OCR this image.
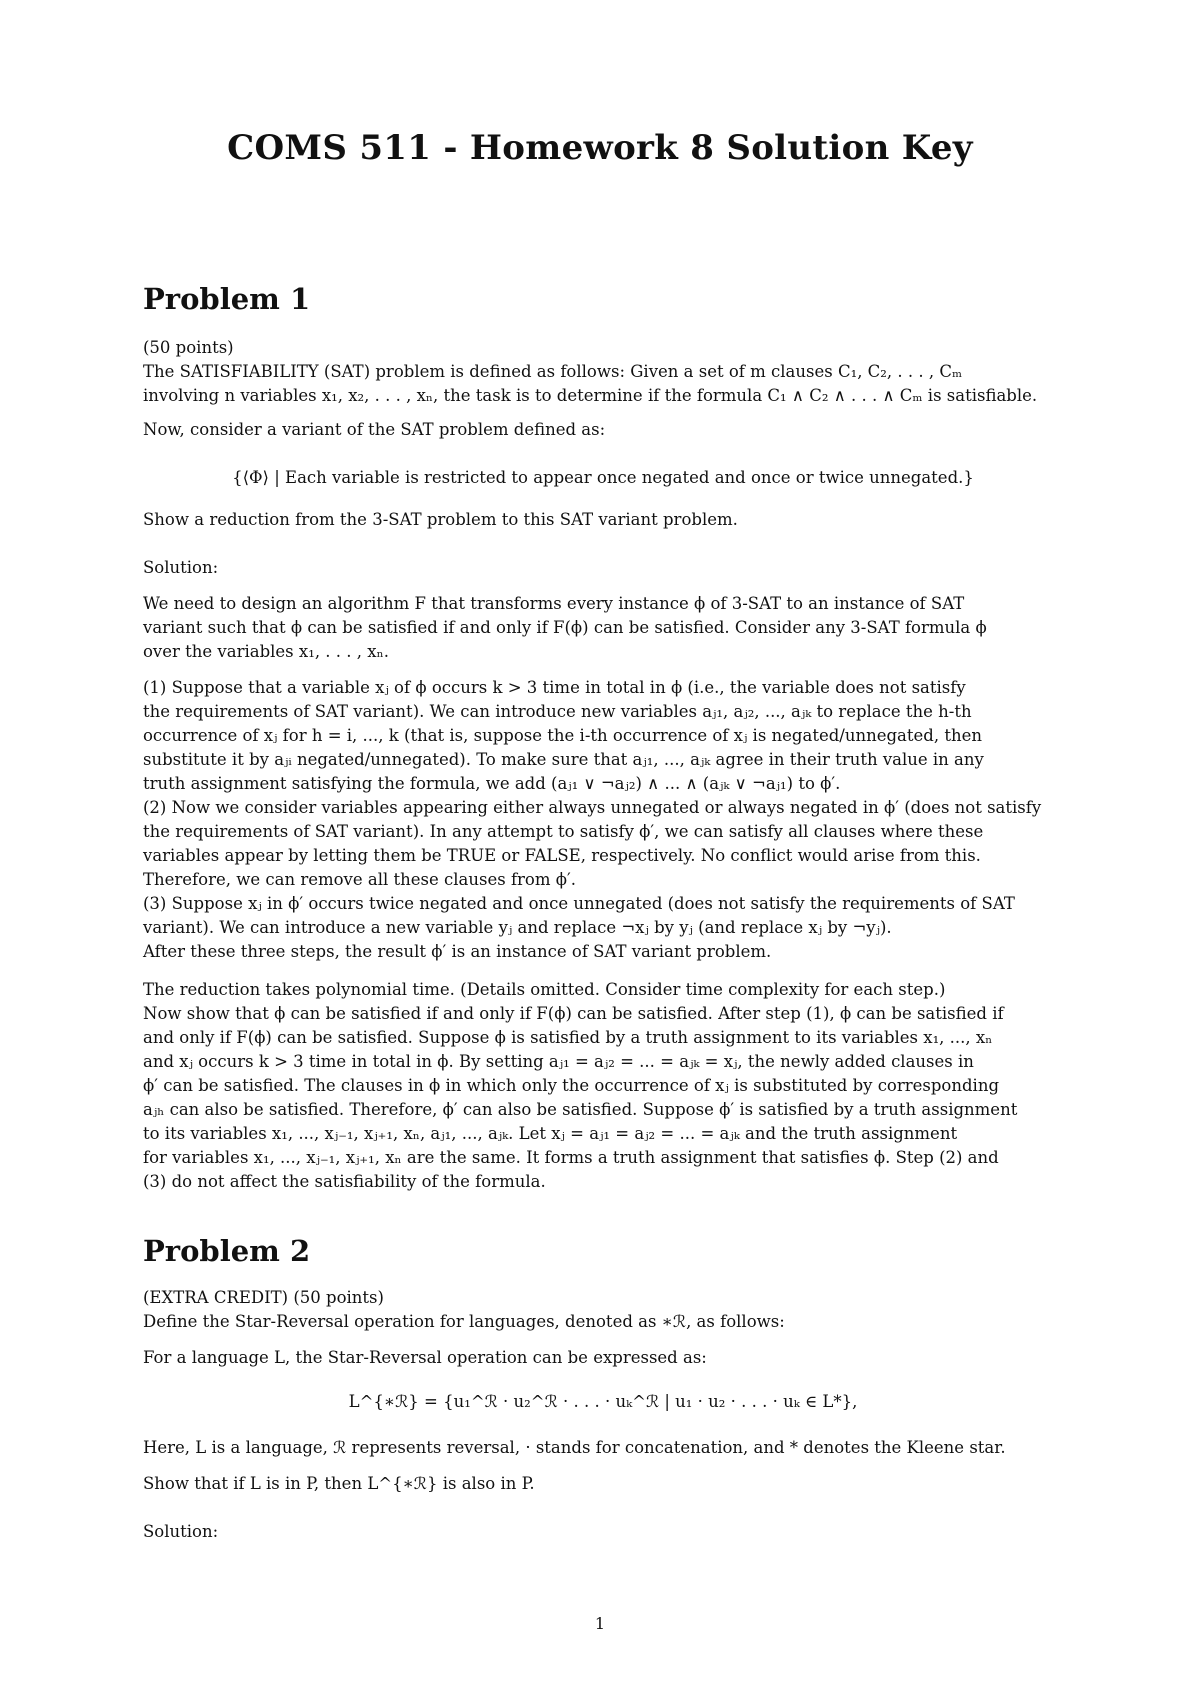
COMS 511 - Homework 8 Solution Key
Problem 1
(50 points)
The SATISFIABILITY (SAT) problem is defined as follows: Given a set of m clauses C₁, C₂, . . . , Cₘ
involving n variables x₁, x₂, . . . , xₙ, the task is to determine if the formula C₁ ∧ C₂ ∧ . . . ∧ Cₘ is satisfiable.
Now, consider a variant of the SAT problem defined as:
{⟨Φ⟩ | Each variable is restricted to appear once negated and once or twice unnegated.}
Show a reduction from the 3-SAT problem to this SAT variant problem.
Solution:
We need to design an algorithm F that transforms every instance ϕ of 3-SAT to an instance of SAT
variant such that ϕ can be satisfied if and only if F(ϕ) can be satisfied. Consider any 3-SAT formula ϕ
over the variables x₁, . . . , xₙ.
(1) Suppose that a variable xⱼ of ϕ occurs k > 3 time in total in ϕ (i.e., the variable does not satisfy
the requirements of SAT variant). We can introduce new variables aⱼ₁, aⱼ₂, ..., aⱼₖ to replace the h-th
occurrence of xⱼ for h = i, ..., k (that is, suppose the i-th occurrence of xⱼ is negated/unnegated, then
substitute it by aⱼᵢ negated/unnegated). To make sure that aⱼ₁, ..., aⱼₖ agree in their truth value in any
truth assignment satisfying the formula, we add (aⱼ₁ ∨ ¬aⱼ₂) ∧ ... ∧ (aⱼₖ ∨ ¬aⱼ₁) to ϕ′.
(2) Now we consider variables appearing either always unnegated or always negated in ϕ′ (does not satisfy
the requirements of SAT variant). In any attempt to satisfy ϕ′, we can satisfy all clauses where these
variables appear by letting them be TRUE or FALSE, respectively. No conflict would arise from this.
Therefore, we can remove all these clauses from ϕ′.
(3) Suppose xⱼ in ϕ′ occurs twice negated and once unnegated (does not satisfy the requirements of SAT
variant). We can introduce a new variable yⱼ and replace ¬xⱼ by yⱼ (and replace xⱼ by ¬yⱼ).
After these three steps, the result ϕ′ is an instance of SAT variant problem.
The reduction takes polynomial time. (Details omitted. Consider time complexity for each step.)
Now show that ϕ can be satisfied if and only if F(ϕ) can be satisfied. After step (1), ϕ can be satisfied if
and only if F(ϕ) can be satisfied. Suppose ϕ is satisfied by a truth assignment to its variables x₁, ..., xₙ
and xⱼ occurs k > 3 time in total in ϕ. By setting aⱼ₁ = aⱼ₂ = ... = aⱼₖ = xⱼ, the newly added clauses in
ϕ′ can be satisfied. The clauses in ϕ in which only the occurrence of xⱼ is substituted by corresponding
aⱼₕ can also be satisfied. Therefore, ϕ′ can also be satisfied. Suppose ϕ′ is satisfied by a truth assignment
to its variables x₁, ..., xⱼ₋₁, xⱼ₊₁, xₙ, aⱼ₁, ..., aⱼₖ. Let xⱼ = aⱼ₁ = aⱼ₂ = ... = aⱼₖ and the truth assignment
for variables x₁, ..., xⱼ₋₁, xⱼ₊₁, xₙ are the same. It forms a truth assignment that satisfies ϕ. Step (2) and
(3) do not affect the satisfiability of the formula.
Problem 2
(EXTRA CREDIT) (50 points)
Define the Star-Reversal operation for languages, denoted as ∗ℛ, as follows:
For a language L, the Star-Reversal operation can be expressed as:
L^{∗ℛ} = {u₁^ℛ · u₂^ℛ · . . . · uₖ^ℛ | u₁ · u₂ · . . . · uₖ ∈ L*},
Here, L is a language, ℛ represents reversal, · stands for concatenation, and * denotes the Kleene star.
Show that if L is in P, then L^{∗ℛ} is also in P.
Solution:
1
